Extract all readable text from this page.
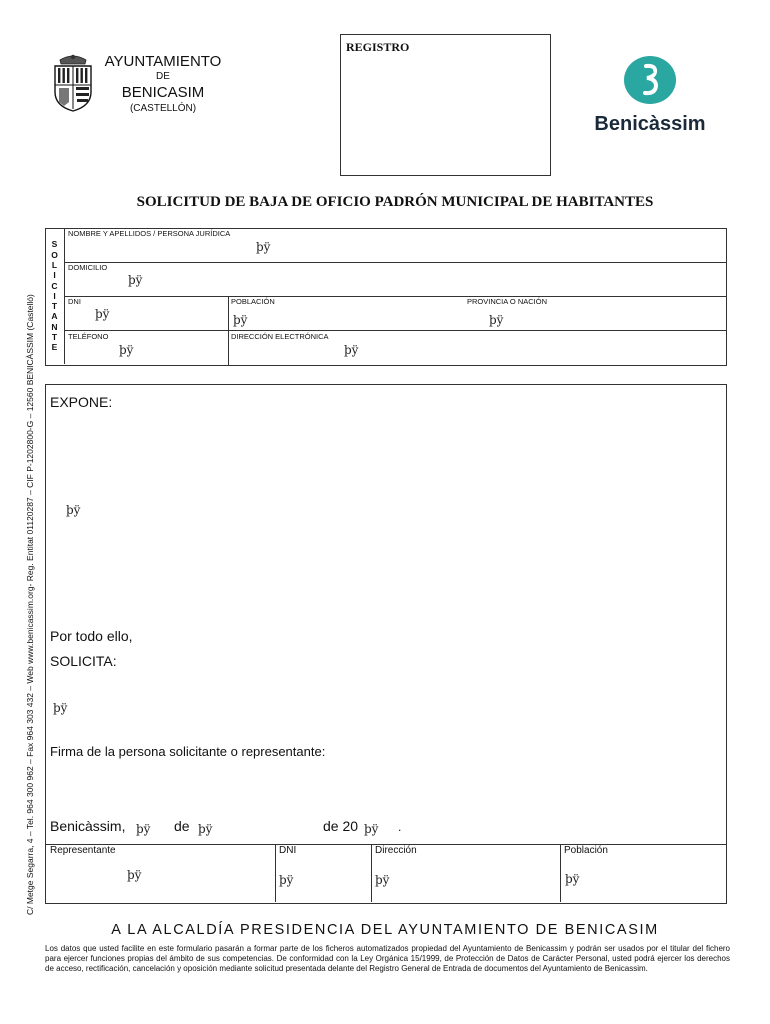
AYUNTAMIENTO
DE
BENICASIM
(CASTELLÓN)
REGISTRO
Benicàssim
SOLICITUD DE BAJA DE OFICIO PADRÓN MUNICIPAL DE HABITANTES
C/ Metge Segarra, 4 – Tel. 964 300 962 – Fax 964 303 432 – Web www.benicassim.org- Reg. Entitat 01120287 – CIF P-1202800-G – 12560 BENICÀSSIM (Castelló)
S
O
L
I
C
I
T
A
N
T
E
NOMBRE Y APELLIDOS / PERSONA JURÍDICA
þÿ
DOMICILIO
þÿ
DNI
þÿ
POBLACIÓN
þÿ
PROVINCIA O NACIÓN
þÿ
TELÉFONO
þÿ
DIRECCIÓN ELECTRÓNICA
þÿ
EXPONE:
þÿ
Por todo ello,
SOLICITA:
þÿ
Firma de la persona solicitante o representante:
Benicàssim, þÿ de þÿ	de 20 þÿ .
Representante
þÿ
DNI
þÿ
Dirección
þÿ
Población
þÿ
A LA ALCALDÍA PRESIDENCIA DEL AYUNTAMIENTO DE BENICASIM
Los datos que usted facilite en este formulario pasarán a formar parte de los ficheros automatizados propiedad del Ayuntamiento de Benicassim y podrán ser usados por el titular del fichero para ejercer funciones propias del ámbito de sus competencias. De conformidad con la Ley Orgánica 15/1999, de Protección de Datos de Carácter Personal, usted podrá ejercer los derechos de acceso, rectificación, cancelación y oposición mediante solicitud presentada delante del Registro General de Entrada de documentos del Ayuntamiento de Benicassim.
